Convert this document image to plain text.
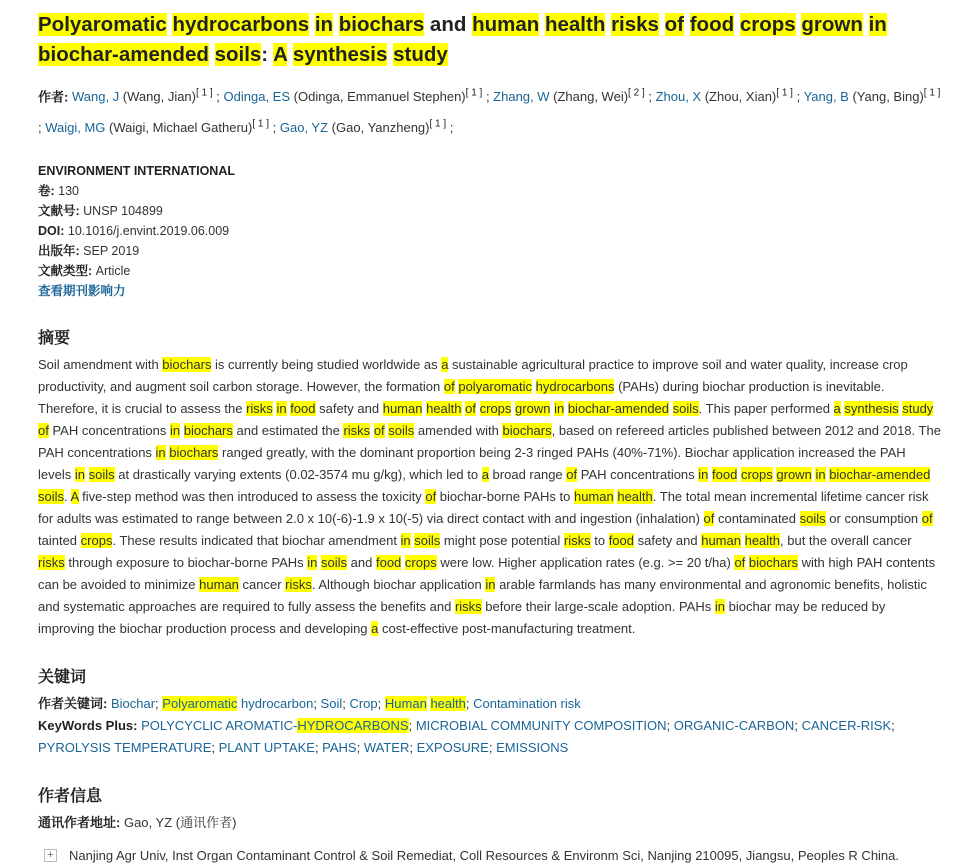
Polyaromatic hydrocarbons in biochars and human health risks of food crops grown in biochar-amended soils: A synthesis study
作者: Wang, J (Wang, Jian)[ 1 ] ; Odinga, ES (Odinga, Emmanuel Stephen)[ 1 ] ; Zhang, W (Zhang, Wei)[ 2 ] ; Zhou, X (Zhou, Xian)[ 1 ] ; Yang, B (Yang, Bing)[ 1 ] ; Waigi, MG (Waigi, Michael Gatheru)[ 1 ] ; Gao, YZ (Gao, Yanzheng)[ 1 ] ;
ENVIRONMENT INTERNATIONAL
卷: 130
文献号: UNSP 104899
DOI: 10.1016/j.envint.2019.06.009
出版年: SEP 2019
文献类型: Article
查看期刊影响力
摘要

Soil amendment with biochars is currently being studied worldwide as a sustainable agricultural practice to improve soil and water quality, increase crop productivity, and augment soil carbon storage. However, the formation of polyaromatic hydrocarbons (PAHs) during biochar production is inevitable. Therefore, it is crucial to assess the risks in food safety and human health of crops grown in biochar-amended soils. This paper performed a synthesis study of PAH concentrations in biochars and estimated the risks of soils amended with biochars, based on refereed articles published between 2012 and 2018. The PAH concentrations in biochars ranged greatly, with the dominant proportion being 2-3 ringed PAHs (40%-71%). Biochar application increased the PAH levels in soils at drastically varying extents (0.02-3574 mu g/kg), which led to a broad range of PAH concentrations in food crops grown in biochar-amended soils. A five-step method was then introduced to assess the toxicity of biochar-borne PAHs to human health. The total mean incremental lifetime cancer risk for adults was estimated to range between 2.0 x 10(-6)-1.9 x 10(-5) via direct contact with and ingestion (inhalation) of contaminated soils or consumption of tainted crops. These results indicated that biochar amendment in soils might pose potential risks to food safety and human health, but the overall cancer risks through exposure to biochar-borne PAHs in soils and food crops were low. Higher application rates (e.g. >= 20 t/ha) of biochars with high PAH contents can be avoided to minimize human cancer risks. Although biochar application in arable farmlands has many environmental and agronomic benefits, holistic and systematic approaches are required to fully assess the benefits and risks before their large-scale adoption. PAHs in biochar may be reduced by improving the biochar production process and developing a cost-effective post-manufacturing treatment.

关键词

作者关键词: Biochar; Polyaromatic hydrocarbon; Soil; Crop; Human health; Contamination risk

KeyWords Plus: POLYCYCLIC AROMATIC-HYDROCARBONS; MICROBIAL COMMUNITY COMPOSITION; ORGANIC-CARBON; CANCER-RISK; PYROLYSIS TEMPERATURE; PLANT UPTAKE; PAHS; WATER; EXPOSURE; EMISSIONS

作者信息
通讯作者地址: Gao, YZ (通讯作者)
+ Nanjing Agr Univ, Inst Organ Contaminant Control & Soil Remediat, Coll Resources & Environm Sci, Nanjing 210095, Jiangsu, Peoples R China.
